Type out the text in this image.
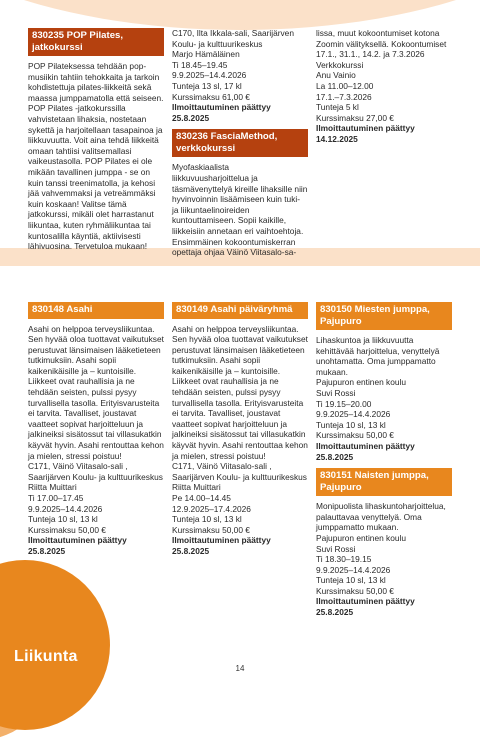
830235 POP Pilates, jatkokurssi

POP Pilateksessa tehdään pop-musiikin tahtiin tehokkaita ja tarkoin kohdistettuja pilates-liikkeitä sekä maassa jumppamatolla että seiseen. POP Pilates -jatkokurssilla vahvistetaan lihaksia, nostetaan sykettä ja harjoitellaan tasapainoa ja liikkuvuutta. Voit aina tehdä liikkeitä omaan tahtiisi valitsemallasi vaikeustasolla. POP Pilates ei ole mikään tavallinen jumppa - se on kuin tanssi treenimatolla, ja kehosi jää vahvemmaksi ja vetreämmäksi kuin koskaan! Valitse tämä jatkokurssi, mikäli olet harrastanut liikuntaa, kuten ryhmäliikuntaa tai kuntosalilla käyntiä, aktiivisesti lähivuosina. Tervetuloa mukaan!

C170, Ilta Ikkala-sali, Saarijärven Koulu- ja kulttuurikeskus

Marjo Hämäläinen

Ti 18.45–19.45

9.9.2025–14.4.2026

Tunteja 13 sl, 17 kl

Kurssimaksu 61,00 €

Ilmoittautuminen päättyy

25.8.2025

830236 FasciaMethod, verkkokurssi

Myofaskiaalista liikkuvuusharjoittelua ja täsmävenyttelyä kireille lihaksille niin hyvinvoinnin lisäämiseen kuin tuki- ja liikuntaelinoireiden kuntouttamiseen. Sopii kaikille, liikkeisiin annetaan eri vaihtoehtoja. Ensimmäinen kokoontumiskerran opettaja ohjaa Väinö Viitasalo-sa-

lissa, muut kokoontumiset kotona Zoomin välityksellä. Kokoontumiset 17.1., 31.1., 14.2. ja 7.3.2026

Verkkokurssi

Anu Vainio

La 11.00–12.00

17.1.–7.3.2026

Tunteja 5 kl

Kurssimaksu 27,00 €

Ilmoittautuminen päättyy

14.12.2025

830148 Asahi

Asahi on helppoa terveysliikuntaa. Sen hyvää oloa tuottavat vaikutukset perustuvat länsimaisen lääketieteen tutkimuksiin. Asahi sopii kaikenikäisille ja – kuntoisille. Liikkeet ovat rauhallisia ja ne tehdään seisten, pulssi pysyy turvallisella tasolla. Erityisvarusteita ei tarvita. Tavalliset, joustavat vaatteet sopivat harjoitteluun ja jalkineiksi sisätossut tai villasukatkin käyvät hyvin. Asahi rentouttaa kehon ja mielen, stressi poistuu!

C171, Väinö Viitasalo-sali , Saarijärven Koulu- ja kulttuurikeskus

Riitta Muittari

Ti 17.00–17.45

9.9.2025–14.4.2026

Tunteja 10 sl, 13 kl

Kurssimaksu 50,00 €

Ilmoittautuminen päättyy

25.8.2025

830149 Asahi päiväryhmä

Asahi on helppoa terveysliikuntaa. Sen hyvää oloa tuottavat vaikutukset perustuvat länsimaisen lääketieteen tutkimuksiin. Asahi sopii kaikenikäisille ja – kuntoisille. Liikkeet ovat rauhallisia ja ne tehdään seisten, pulssi pysyy turvallisella tasolla. Erityisvarusteita ei tarvita. Tavalliset, joustavat vaatteet sopivat harjoitteluun ja jalkineiksi sisätossut tai villasukatkin käyvät hyvin. Asahi rentouttaa kehon ja mielen, stressi poistuu!

C171, Väinö Viitasalo-sali , Saarijärven Koulu- ja kulttuurikeskus

Riitta Muittari

Pe 14.00–14.45

12.9.2025–17.4.2026

Tunteja 10 sl, 13 kl

Kurssimaksu 50,00 €

Ilmoittautuminen päättyy

25.8.2025

830150 Miesten jumppa, Pajupuro

Lihaskuntoa ja liikkuvuutta kehittävää harjoittelua, venyttelyä unohtamatta. Oma jumppamatto mukaan.

Pajupuron entinen koulu

Suvi Rossi

Ti 19.15–20.00

9.9.2025–14.4.2026

Tunteja 10 sl, 13 kl

Kurssimaksu 50,00 €

Ilmoittautuminen päättyy

25.8.2025

830151 Naisten jumppa, Pajupuro

Monipuolista lihaskuntoharjoittelua, palauttavaa venyttelyä. Oma jumppamatto mukaan.

Pajupuron entinen koulu

Suvi Rossi

Ti 18.30–19.15

9.9.2025–14.4.2026

Tunteja 10 sl, 13 kl

Kurssimaksu 50,00 €

Ilmoittautuminen päättyy

25.8.2025

Liikunta
14
